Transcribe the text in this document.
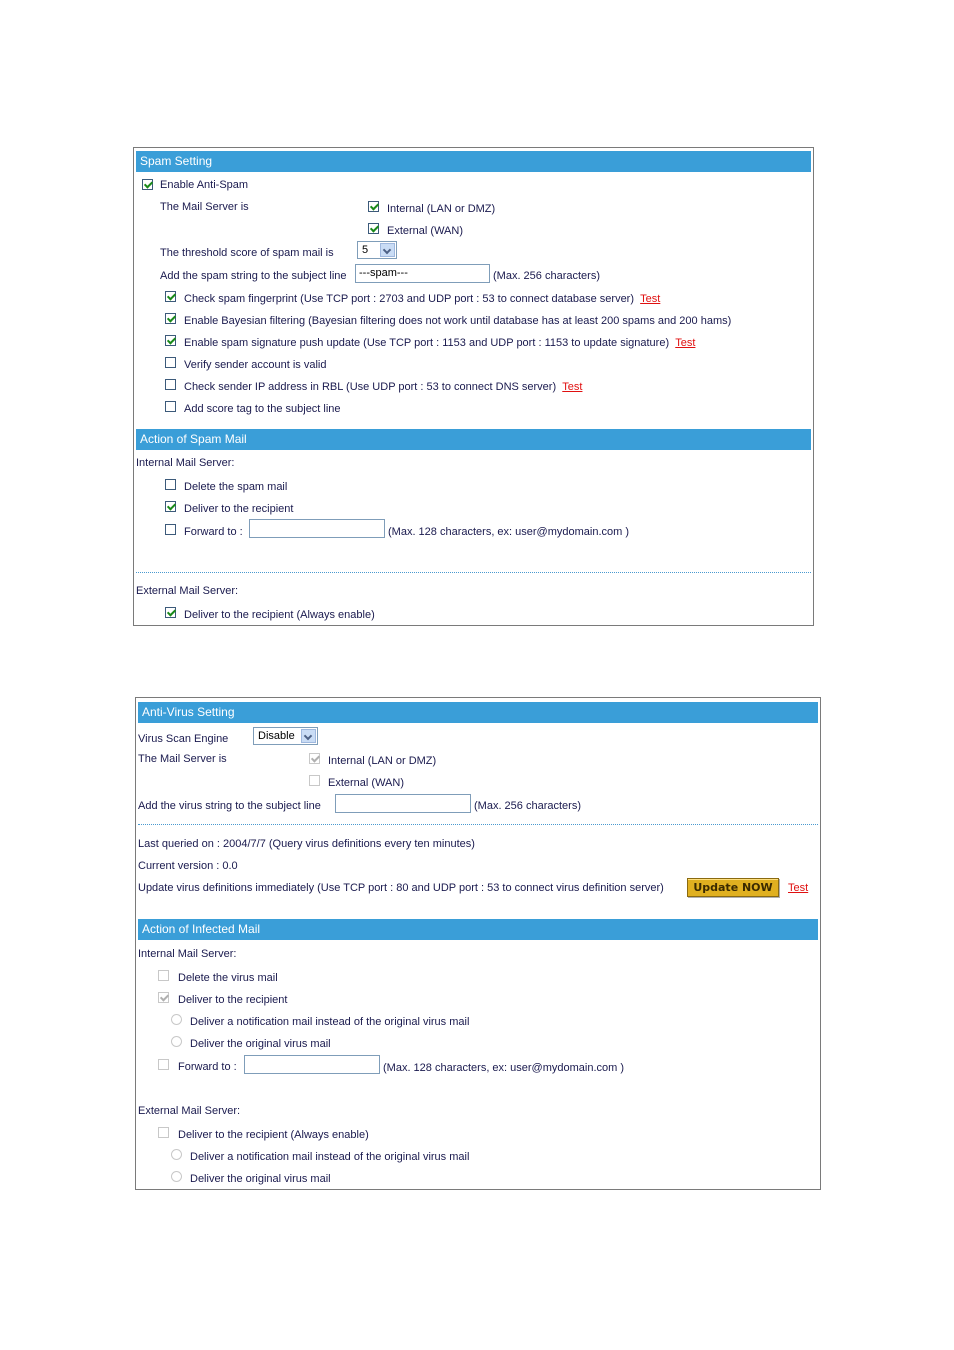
Spam Setting
Enable Anti-Spam
The Mail Server is	Internal (LAN or DMZ)
External (WAN)
The threshold score of spam mail is	5
Add the spam string to the subject line	---spam---	(Max. 256 characters)
Check spam fingerprint (Use TCP port : 2703 and UDP port : 53 to connect database server) Test
Enable Bayesian filtering (Bayesian filtering does not work until database has at least 200 spams and 200 hams)
Enable spam signature push update (Use TCP port : 1153 and UDP port : 1153 to update signature) Test
Verify sender account is valid
Check sender IP address in RBL (Use UDP port : 53 to connect DNS server) Test
Add score tag to the subject line
Action of Spam Mail
Internal Mail Server:
Delete the spam mail
Deliver to the recipient
Forward to :	(Max. 128 characters, ex: user@mydomain.com )
External Mail Server:
Deliver to the recipient (Always enable)
Anti-Virus Setting
Virus Scan Engine	Disable
The Mail Server is	Internal (LAN or DMZ)
External (WAN)
Add the virus string to the subject line	(Max. 256 characters)
Last queried on : 2004/7/7 (Query virus definitions every ten minutes)
Current version : 0.0
Update virus definitions immediately (Use TCP port : 80 and UDP port : 53 to connect virus definition server)	Update NOW	Test
Action of Infected Mail
Internal Mail Server:
Delete the virus mail
Deliver to the recipient
Deliver a notification mail instead of the original virus mail
Deliver the original virus mail
Forward to :	(Max. 128 characters, ex: user@mydomain.com )
External Mail Server:
Deliver to the recipient (Always enable)
Deliver a notification mail instead of the original virus mail
Deliver the original virus mail
